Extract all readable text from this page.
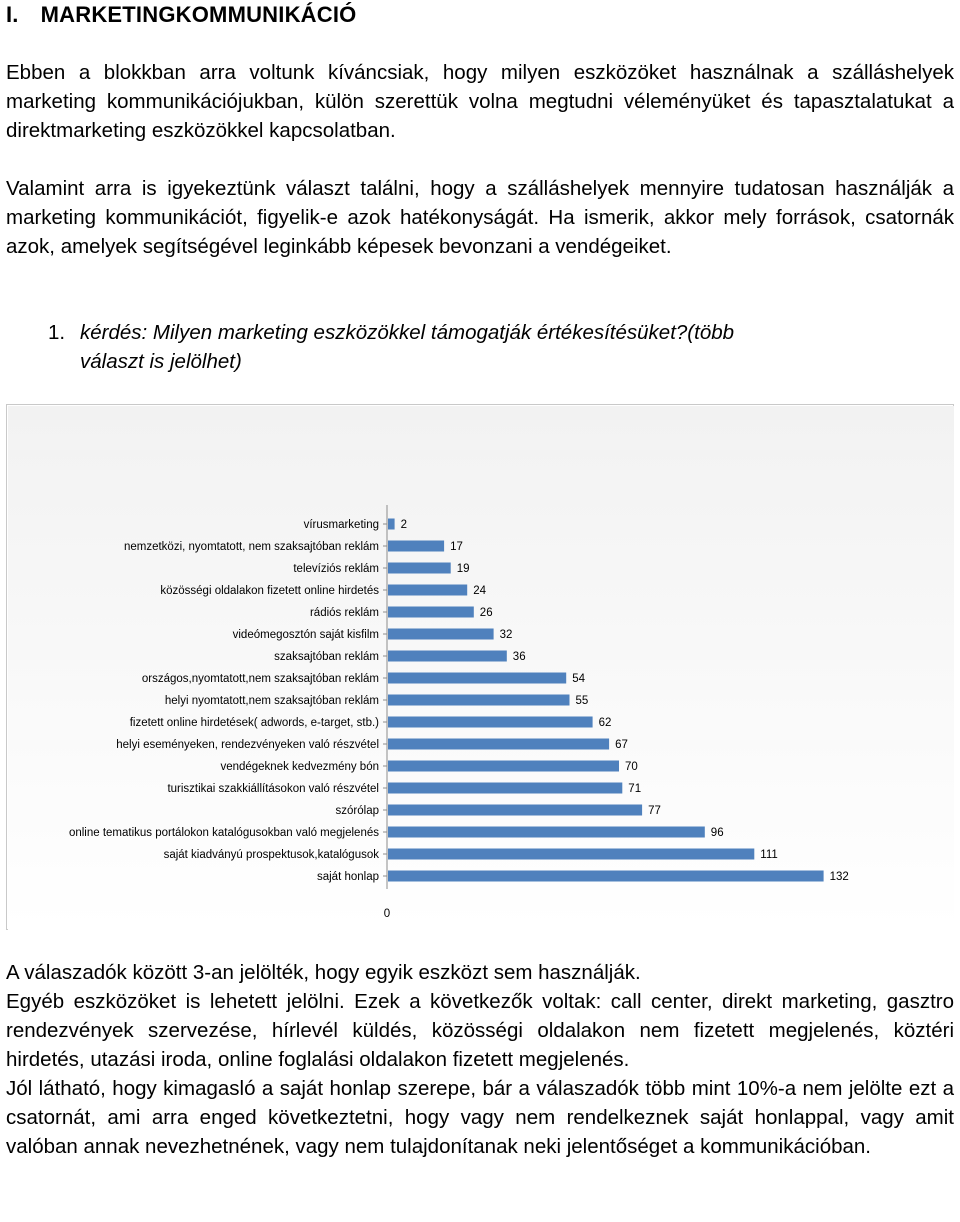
I. MARKETINGKOMMUNIKÁCIÓ
Ebben a blokkban arra voltunk kíváncsiak, hogy milyen eszközöket használnak a szálláshelyek marketing kommunikációjukban, külön szerettük volna megtudni véleményüket és tapasztalatukat a direktmarketing eszközökkel kapcsolatban.
Valamint arra is igyekeztünk választ találni, hogy a szálláshelyek mennyire tudatosan használják a marketing kommunikációt, figyelik-e azok hatékonyságát. Ha ismerik, akkor mely források, csatornák azok, amelyek segítségével leginkább képesek bevonzani a vendégeiket.
1. kérdés: Milyen marketing eszközökkel támogatják értékesítésüket?(több
választ is jelölhet)
vírusmarketing 2
nemzetközi, nyomtatott, nem szaksajtóban reklám	17
televíziós reklám	19
közösségi oldalakon fizetett online hirdetés	24
rádiós reklám	26
videómegosztón saját kisfilm	32
szaksajtóban reklám	36
országos,nyomtatott,nem szaksajtóban reklám	54
helyi nyomtatott,nem szaksajtóban reklám	55
fizetett online hirdetések( adwords, e-target, stb.)	62
helyi eseményeken, rendezvényeken való részvétel	67
vendégeknek kedvezmény bón	70
turisztikai szakkiállításokon való részvétel	71
szórólap	77
online tematikus portálokon katalógusokban való megjelenés	96
saját kiadványú prospektusok,katalógusok	111
saját honlap	132
0

A válaszadók között 3-an jelölték, hogy egyik eszközt sem használják.

Egyéb eszközöket is lehetett jelölni. Ezek a következők voltak: call center, direkt marketing, gasztro rendezvények szervezése, hírlevél küldés, közösségi oldalakon nem fizetett megjelenés, köztéri hirdetés, utazási iroda, online foglalási oldalakon fizetett megjelenés.

Jól látható, hogy kimagasló a saját honlap szerepe, bár a válaszadók több mint 10%-a nem jelölte ezt a csatornát, ami arra enged következtetni, hogy vagy nem rendelkeznek saját honlappal, vagy amit valóban annak nevezhetnének, vagy nem tulajdonítanak neki jelentőséget a kommunikációban.
